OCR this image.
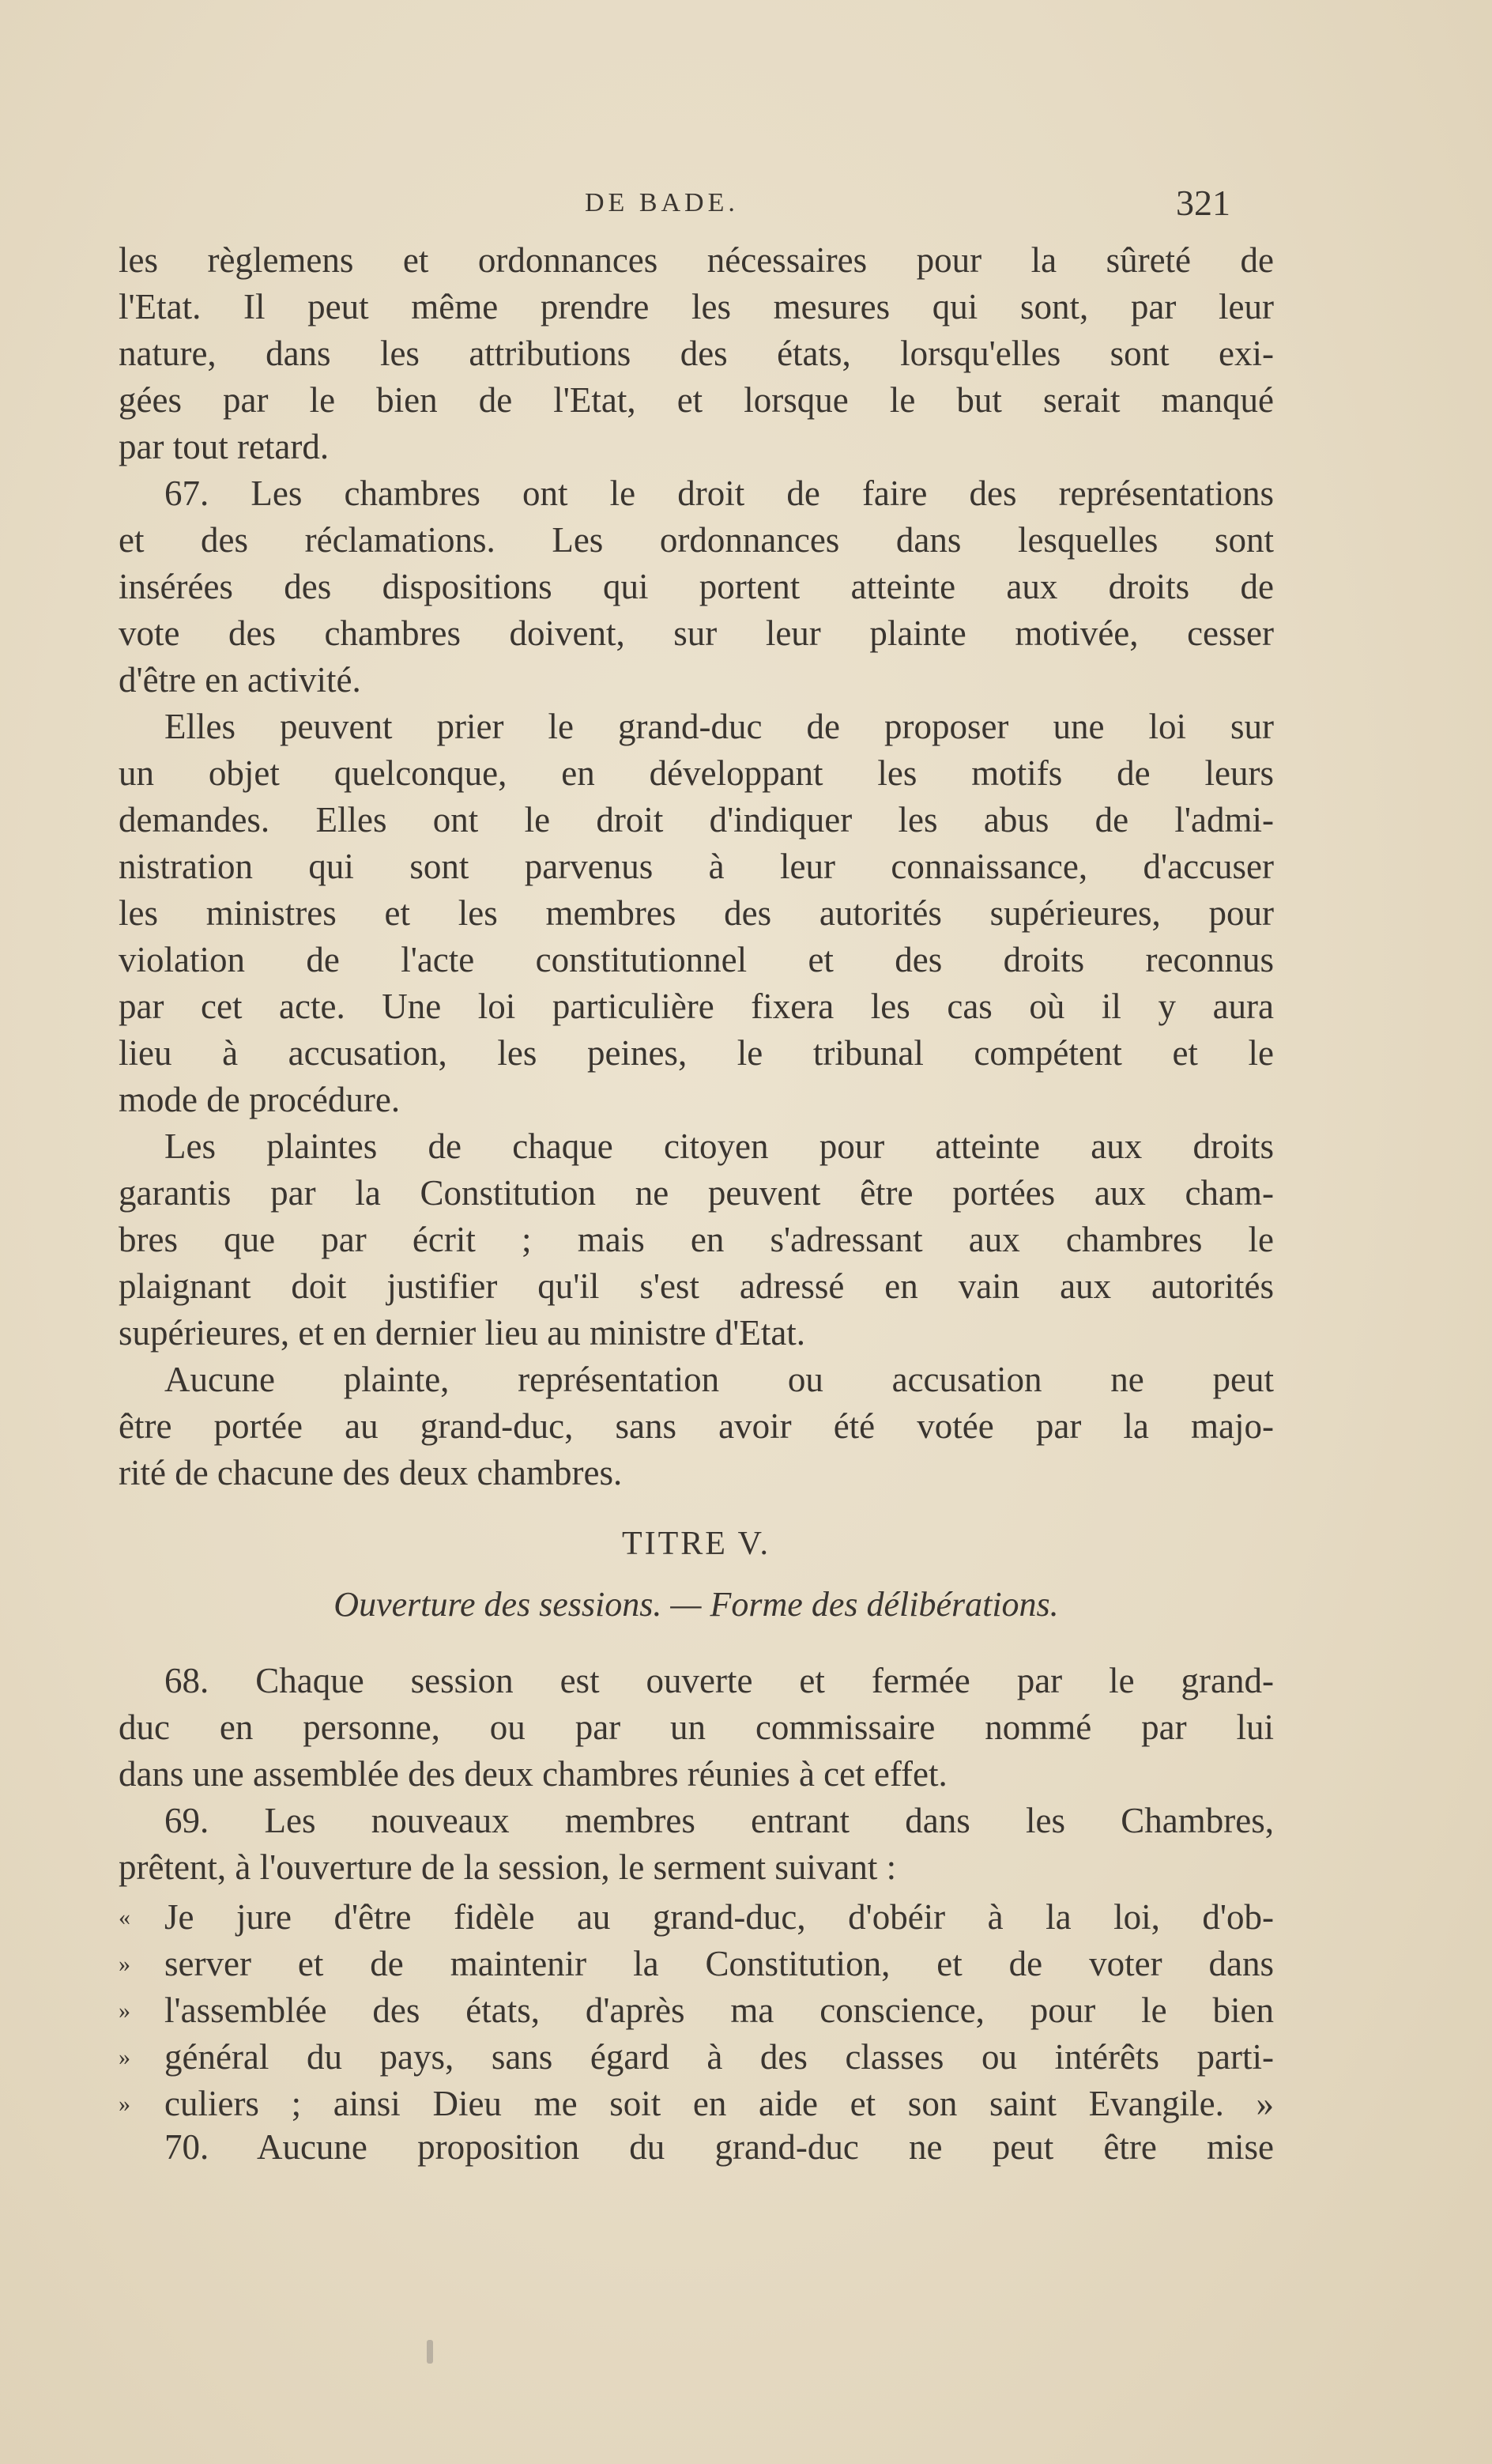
DE BADE.	321
les règlemens et ordonnances nécessaires pour la sûreté de
l'Etat. Il peut même prendre les mesures qui sont, par leur
nature, dans les attributions des états, lorsqu'elles sont exi-
gées par le bien de l'Etat, et lorsque le but serait manqué
par tout retard.
67. Les chambres ont le droit de faire des représentations
et des réclamations. Les ordonnances dans lesquelles sont
insérées des dispositions qui portent atteinte aux droits de
vote des chambres doivent, sur leur plainte motivée, cesser
d'être en activité.
Elles peuvent prier le grand-duc de proposer une loi sur
un objet quelconque, en développant les motifs de leurs
demandes. Elles ont le droit d'indiquer les abus de l'admi-
nistration qui sont parvenus à leur connaissance, d'accuser
les ministres et les membres des autorités supérieures, pour
violation de l'acte constitutionnel et des droits reconnus
par cet acte. Une loi particulière fixera les cas où il y aura
lieu à accusation, les peines, le tribunal compétent et le
mode de procédure.
Les plaintes de chaque citoyen pour atteinte aux droits
garantis par la Constitution ne peuvent être portées aux cham-
bres que par écrit ; mais en s'adressant aux chambres le
plaignant doit justifier qu'il s'est adressé en vain aux autorités
supérieures, et en dernier lieu au ministre d'Etat.
Aucune plainte, représentation ou accusation ne peut
être portée au grand-duc, sans avoir été votée par la majo-
rité de chacune des deux chambres.
TITRE V.
Ouverture des sessions. — Forme des délibérations.
68. Chaque session est ouverte et fermée par le grand-
duc en personne, ou par un commissaire nommé par lui
dans une assemblée des deux chambres réunies à cet effet.
69. Les nouveaux membres entrant dans les Chambres,
prêtent, à l'ouverture de la session, le serment suivant :
« Je jure d'être fidèle au grand-duc, d'obéir à la loi, d'ob-
» server et de maintenir la Constitution, et de voter dans
» l'assemblée des états, d'après ma conscience, pour le bien
» général du pays, sans égard à des classes ou intérêts parti-
» culiers ; ainsi Dieu me soit en aide et son saint Evangile. »
70. Aucune proposition du grand-duc ne peut être mise
